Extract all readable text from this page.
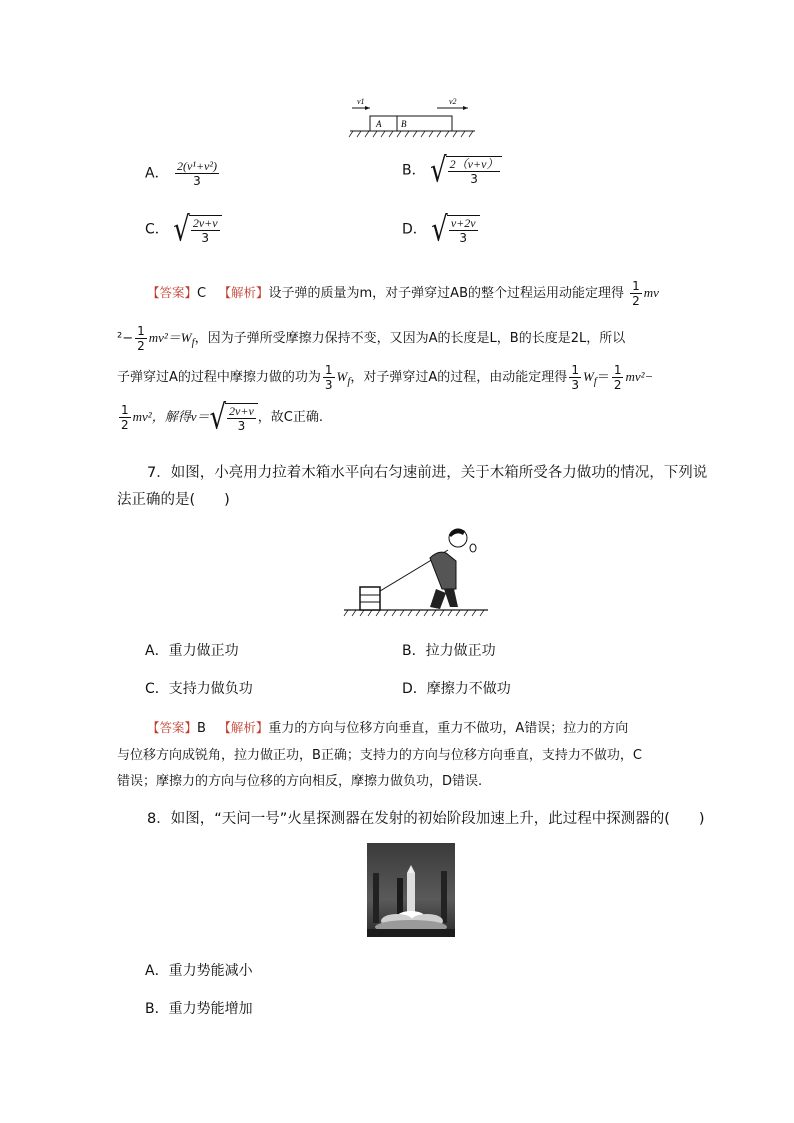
A B
v1	v2
A． $\frac{\text{2(v¹+v²)}}{3}$	B． √ $\frac{2(v+v)}{3}$
C． √ $\frac{2v+v}{3}$	D． √ $\frac{v+2v}{3}$
【答案】C 【解析】设子弹的质量为m，对子弹穿过AB的整个过程运用动能定理得 $\frac{1}{2}$ mv
$^2- \frac{1}{2} mv^2=W_f$，因为子弹所受摩擦力保持不变，又因为A的长度是L，B的长度是2L，所以
子弹穿过A的过程中摩擦力做的功为 $\frac{1}{3} W_f$，对子弹穿过A的过程，由动能定理得 $\frac{1}{3} W_f= \frac{1}{2} mv^2-$
$\frac{1}{2} mv^2$，解得v＝ √ $\frac{2v+v}{3}$ ，故C正确.
7．如图，小亮用力拉着木箱水平向右匀速前进，关于木箱所受各力做功的情况，下列说
法正确的是(　　)
A．重力做正功	B．拉力做正功
C．支持力做负功	D．摩擦力不做功
【答案】B 【解析】重力的方向与位移方向垂直，重力不做功，A错误；拉力的方向
与位移方向成锐角，拉力做正功，B正确；支持力的方向与位移方向垂直，支持力不做功，C
错误；摩擦力的方向与位移的方向相反，摩擦力做负功，D错误.
8．如图，“天问一号”火星探测器在发射的初始阶段加速上升，此过程中探测器的(　　)
A．重力势能减小
B．重力势能增加
